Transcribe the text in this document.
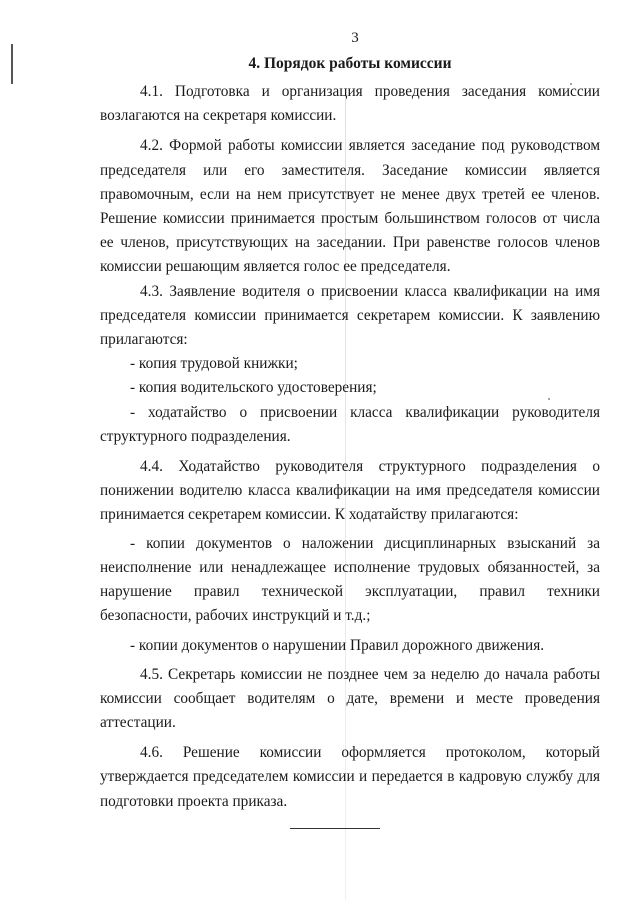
3
4. Порядок работы комиссии

4.1. Подготовка и организация проведения заседания комиссии возлагаются на секретаря комиссии.

4.2. Формой работы комиссии является заседание под руководством председателя или его заместителя. Заседание комиссии является правомочным, если на нем присутствует не менее двух третей ее членов. Решение комиссии принимается простым большинством голосов от числа ее членов, присутствующих на заседании. При равенстве голосов членов комиссии решающим является голос ее председателя.

4.3. Заявление водителя о присвоении класса квалификации на имя председателя комиссии принимается секретарем комиссии. К заявлению прилагаются:

- копия трудовой книжки;

- копия водительского удостоверения;

- ходатайство о присвоении класса квалификации руководителя структурного подразделения.

4.4. Ходатайство руководителя структурного подразделения о понижении водителю класса квалификации на имя председателя комиссии принимается секретарем комиссии. К ходатайству прилагаются:

- копии документов о наложении дисциплинарных взысканий за неисполнение или ненадлежащее исполнение трудовых обязанностей, за нарушение правил технической эксплуатации, правил техники безопасности, рабочих инструкций и т.д.;

- копии документов о нарушении Правил дорожного движения.

4.5. Секретарь комиссии не позднее чем за неделю до начала работы комиссии сообщает водителям о дате, времени и месте проведения аттестации.

4.6. Решение комиссии оформляется протоколом, который утверждается председателем комиссии и передается в кадровую службу для подготовки проекта приказа.
